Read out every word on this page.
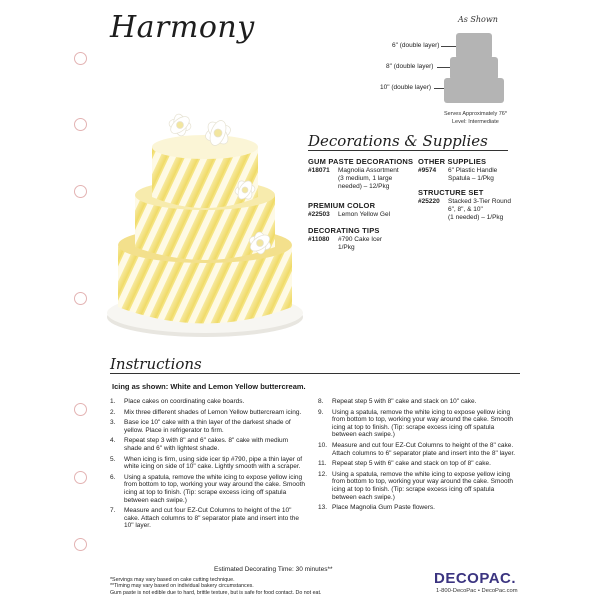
Harmony	As Shown
6" (double layer)
8" (double layer)
10" (double layer)
Serves Approximately 76*
Level: Intermediate
Decorations & Supplies
GUM PASTE DECORATIONS
#18071	Magnolia Assortment
(3 medium, 1 large
needed) – 12/Pkg
PREMIUM COLOR
#22503	Lemon Yellow Gel
DECORATING TIPS
#11080	#790 Cake Icer
1/Pkg
OTHER SUPPLIES
#9574	6" Plastic Handle
Spatula – 1/Pkg
STRUCTURE SET
#25220	Stacked 3-Tier Round
6", 8", & 10"
(1 needed) – 1/Pkg
Instructions
Icing as shown: White and Lemon Yellow buttercream.
1.	Place cakes on coordinating cake boards.
2.	Mix three different shades of Lemon Yellow buttercream icing.
3.	Base ice 10" cake with a thin layer of the darkest shade of yellow. Place in refrigerator to firm.
4.	Repeat step 3 with 8" and 6" cakes. 8" cake with medium shade and 6" with lightest shade.
5.	When icing is firm, using side icer tip #790, pipe a thin layer of white icing on side of 10" cake. Lightly smooth with a scraper.
6.	Using a spatula, remove the white icing to expose yellow icing from bottom to top, working your way around the cake. Smooth icing at top to finish. (Tip: scrape excess icing off spatula between each swipe.)
7.	Measure and cut four EZ-Cut Columns to height of the 10" cake. Attach columns to 8" separator plate and insert into the 10" layer.
8.	Repeat step 5 with 8" cake and stack on 10" cake.
9.	Using a spatula, remove the white icing to expose yellow icing from bottom to top, working your way around the cake. Smooth icing at top to finish. (Tip: scrape excess icing off spatula between each swipe.)
10. Measure and cut four EZ-Cut Columns to height of the 8" cake. Attach columns to 6" separator plate and insert into the 8" layer.
11. Repeat step 5 with 6" cake and stack on top of 8" cake.
12. Using a spatula, remove the white icing to expose yellow icing from bottom to top, working your way around the cake. Smooth icing at top to finish. (Tip: scrape excess icing off spatula between each swipe.)
13. Place Magnolia Gum Paste flowers.
Estimated Decorating Time: 30 minutes**
*Servings may vary based on cake cutting technique.
**Timing may vary based on individual bakery circumstances.
Gum paste is not edible due to hard, brittle texture, but is safe for food contact. Do not eat.
DECOPAC.
1-800-DecoPac • DecoPac.com
